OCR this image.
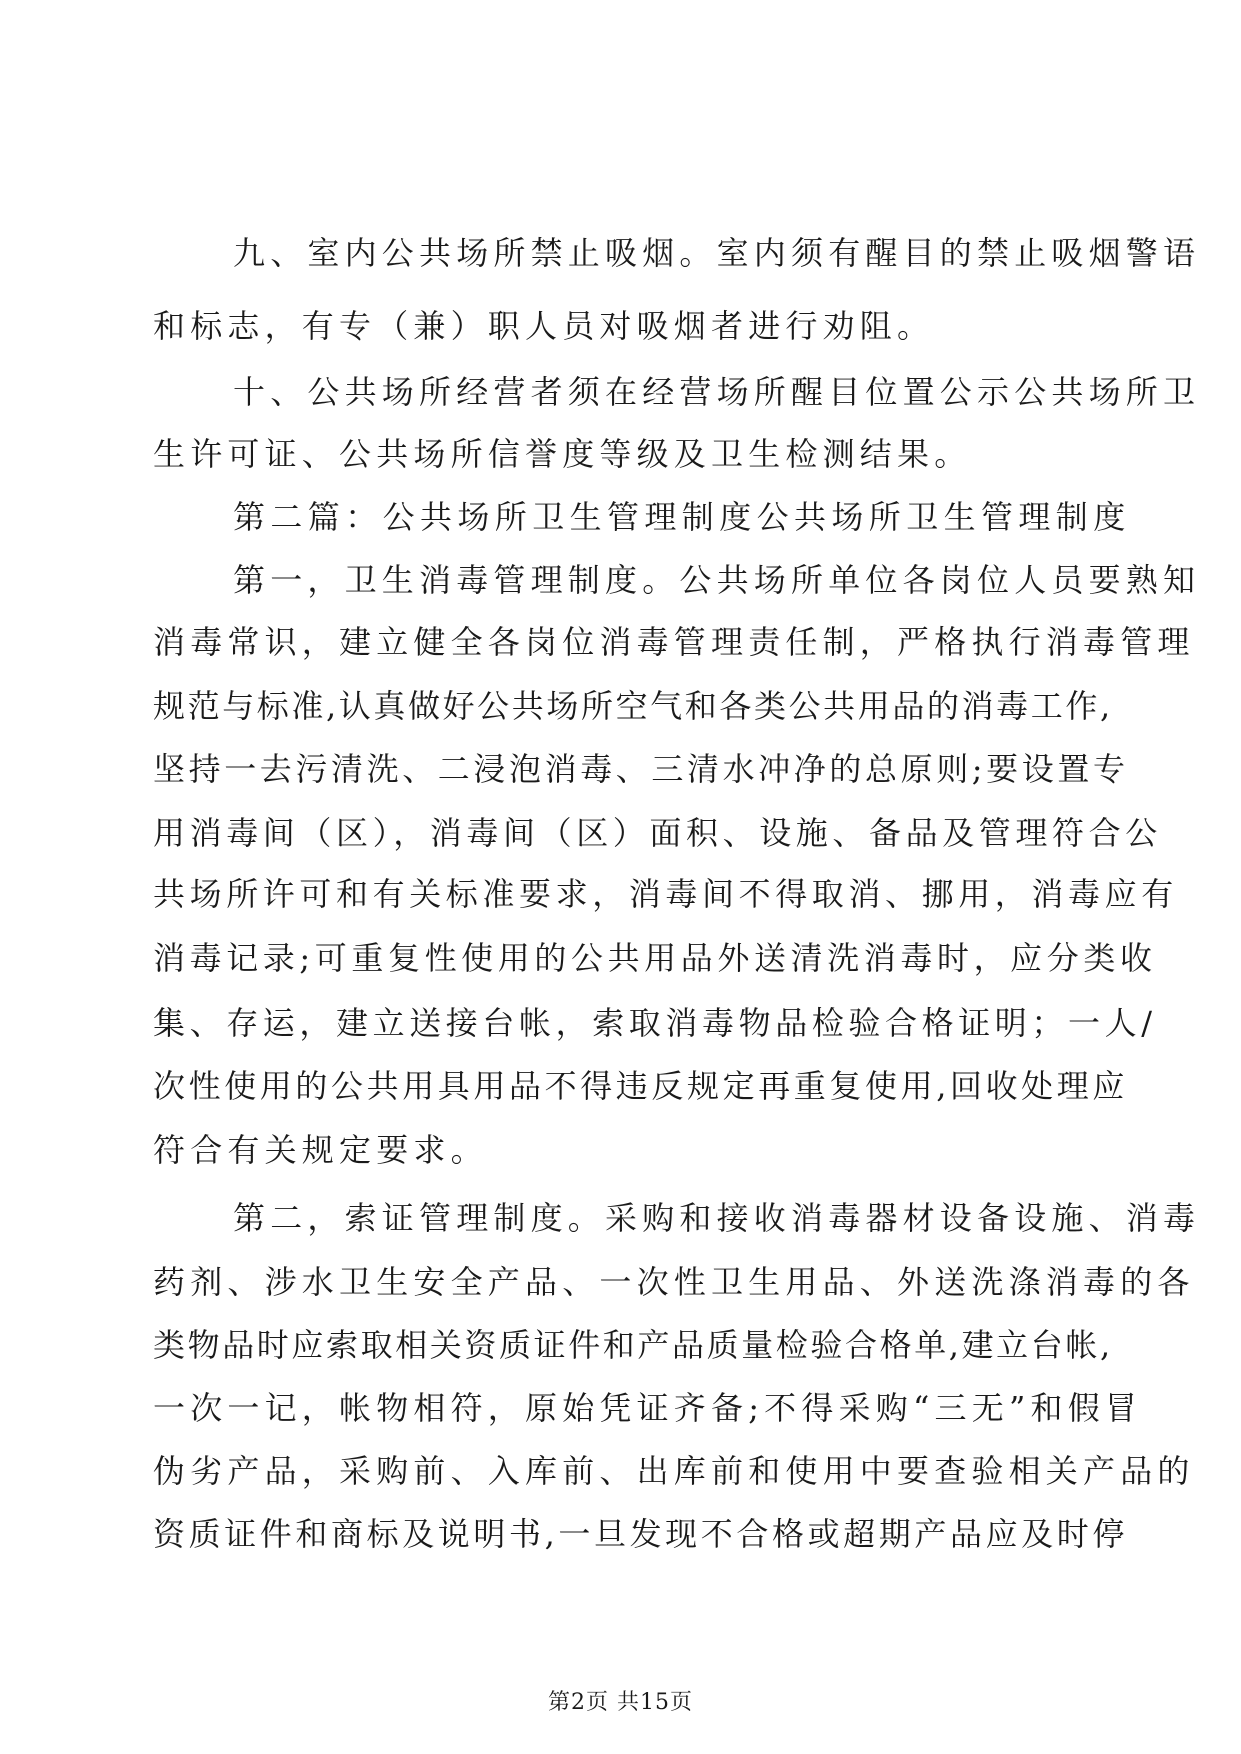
九、室内公共场所禁止吸烟。室内须有醒目的禁止吸烟警语
和标志，有专（兼）职人员对吸烟者进行劝阻。
十、公共场所经营者须在经营场所醒目位置公示公共场所卫
生许可证、公共场所信誉度等级及卫生检测结果。
第二篇：公共场所卫生管理制度公共场所卫生管理制度
第一，卫生消毒管理制度。公共场所单位各岗位人员要熟知
消毒常识，建立健全各岗位消毒管理责任制，严格执行消毒管理
规范与标准,认真做好公共场所空气和各类公共用品的消毒工作,
坚持一去污清洗、二浸泡消毒、三清水冲净的总原则;要设置专
用消毒间（区），消毒间（区）面积、设施、备品及管理符合公
共场所许可和有关标准要求，消毒间不得取消、挪用，消毒应有
消毒记录;可重复性使用的公共用品外送清洗消毒时，应分类收
集、存运，建立送接台帐，索取消毒物品检验合格证明；一人/
次性使用的公共用具用品不得违反规定再重复使用,回收处理应
符合有关规定要求。
第二，索证管理制度。采购和接收消毒器材设备设施、消毒
药剂、涉水卫生安全产品、一次性卫生用品、外送洗涤消毒的各
类物品时应索取相关资质证件和产品质量检验合格单,建立台帐,
一次一记，帐物相符，原始凭证齐备;不得采购“三无”和假冒
伪劣产品，采购前、入库前、出库前和使用中要查验相关产品的
资质证件和商标及说明书,一旦发现不合格或超期产品应及时停
第2页 共15页
